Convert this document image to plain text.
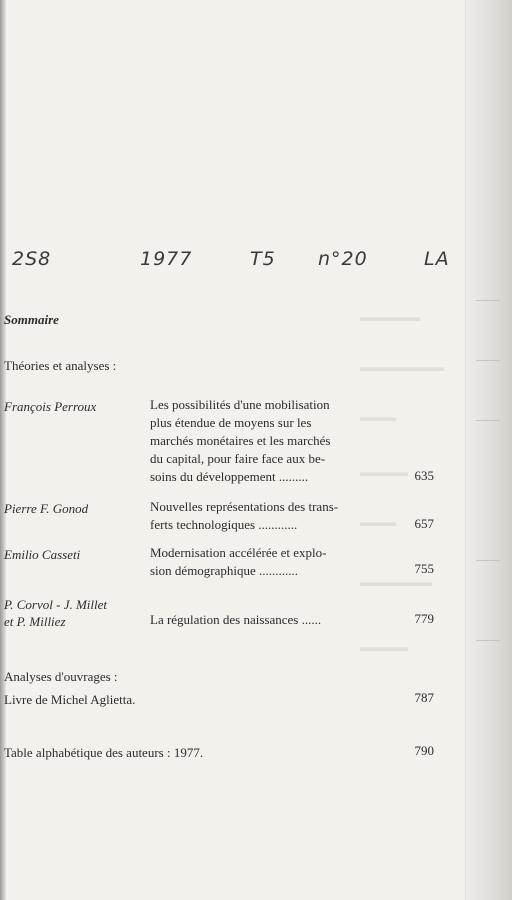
▬▬▬▬▬
▬▬▬▬▬▬▬
▬▬▬
▬▬▬▬
▬▬▬
▬▬▬▬▬▬
▬▬▬▬
2S8	1977	T5 n°20	LA
Sommaire
Théories et analyses :
François Perroux	Les possibilités d'une mobilisation
plus étendue de moyens sur les
marchés monétaires et les marchés
du capital, pour faire face aux be-
soins du développement .........	635
Pierre F. Gonod	Nouvelles représentations des trans-
ferts technologiques ............	657
Emilio Casseti	Modernisation accélérée et explo-
sion démographique ............	755
P. Corvol - J. Millet
et P. Milliez	La régulation des naissances ......	779
Analyses d'ouvrages :
Livre de Michel Aglietta.	787
Table alphabétique des auteurs : 1977.	790
